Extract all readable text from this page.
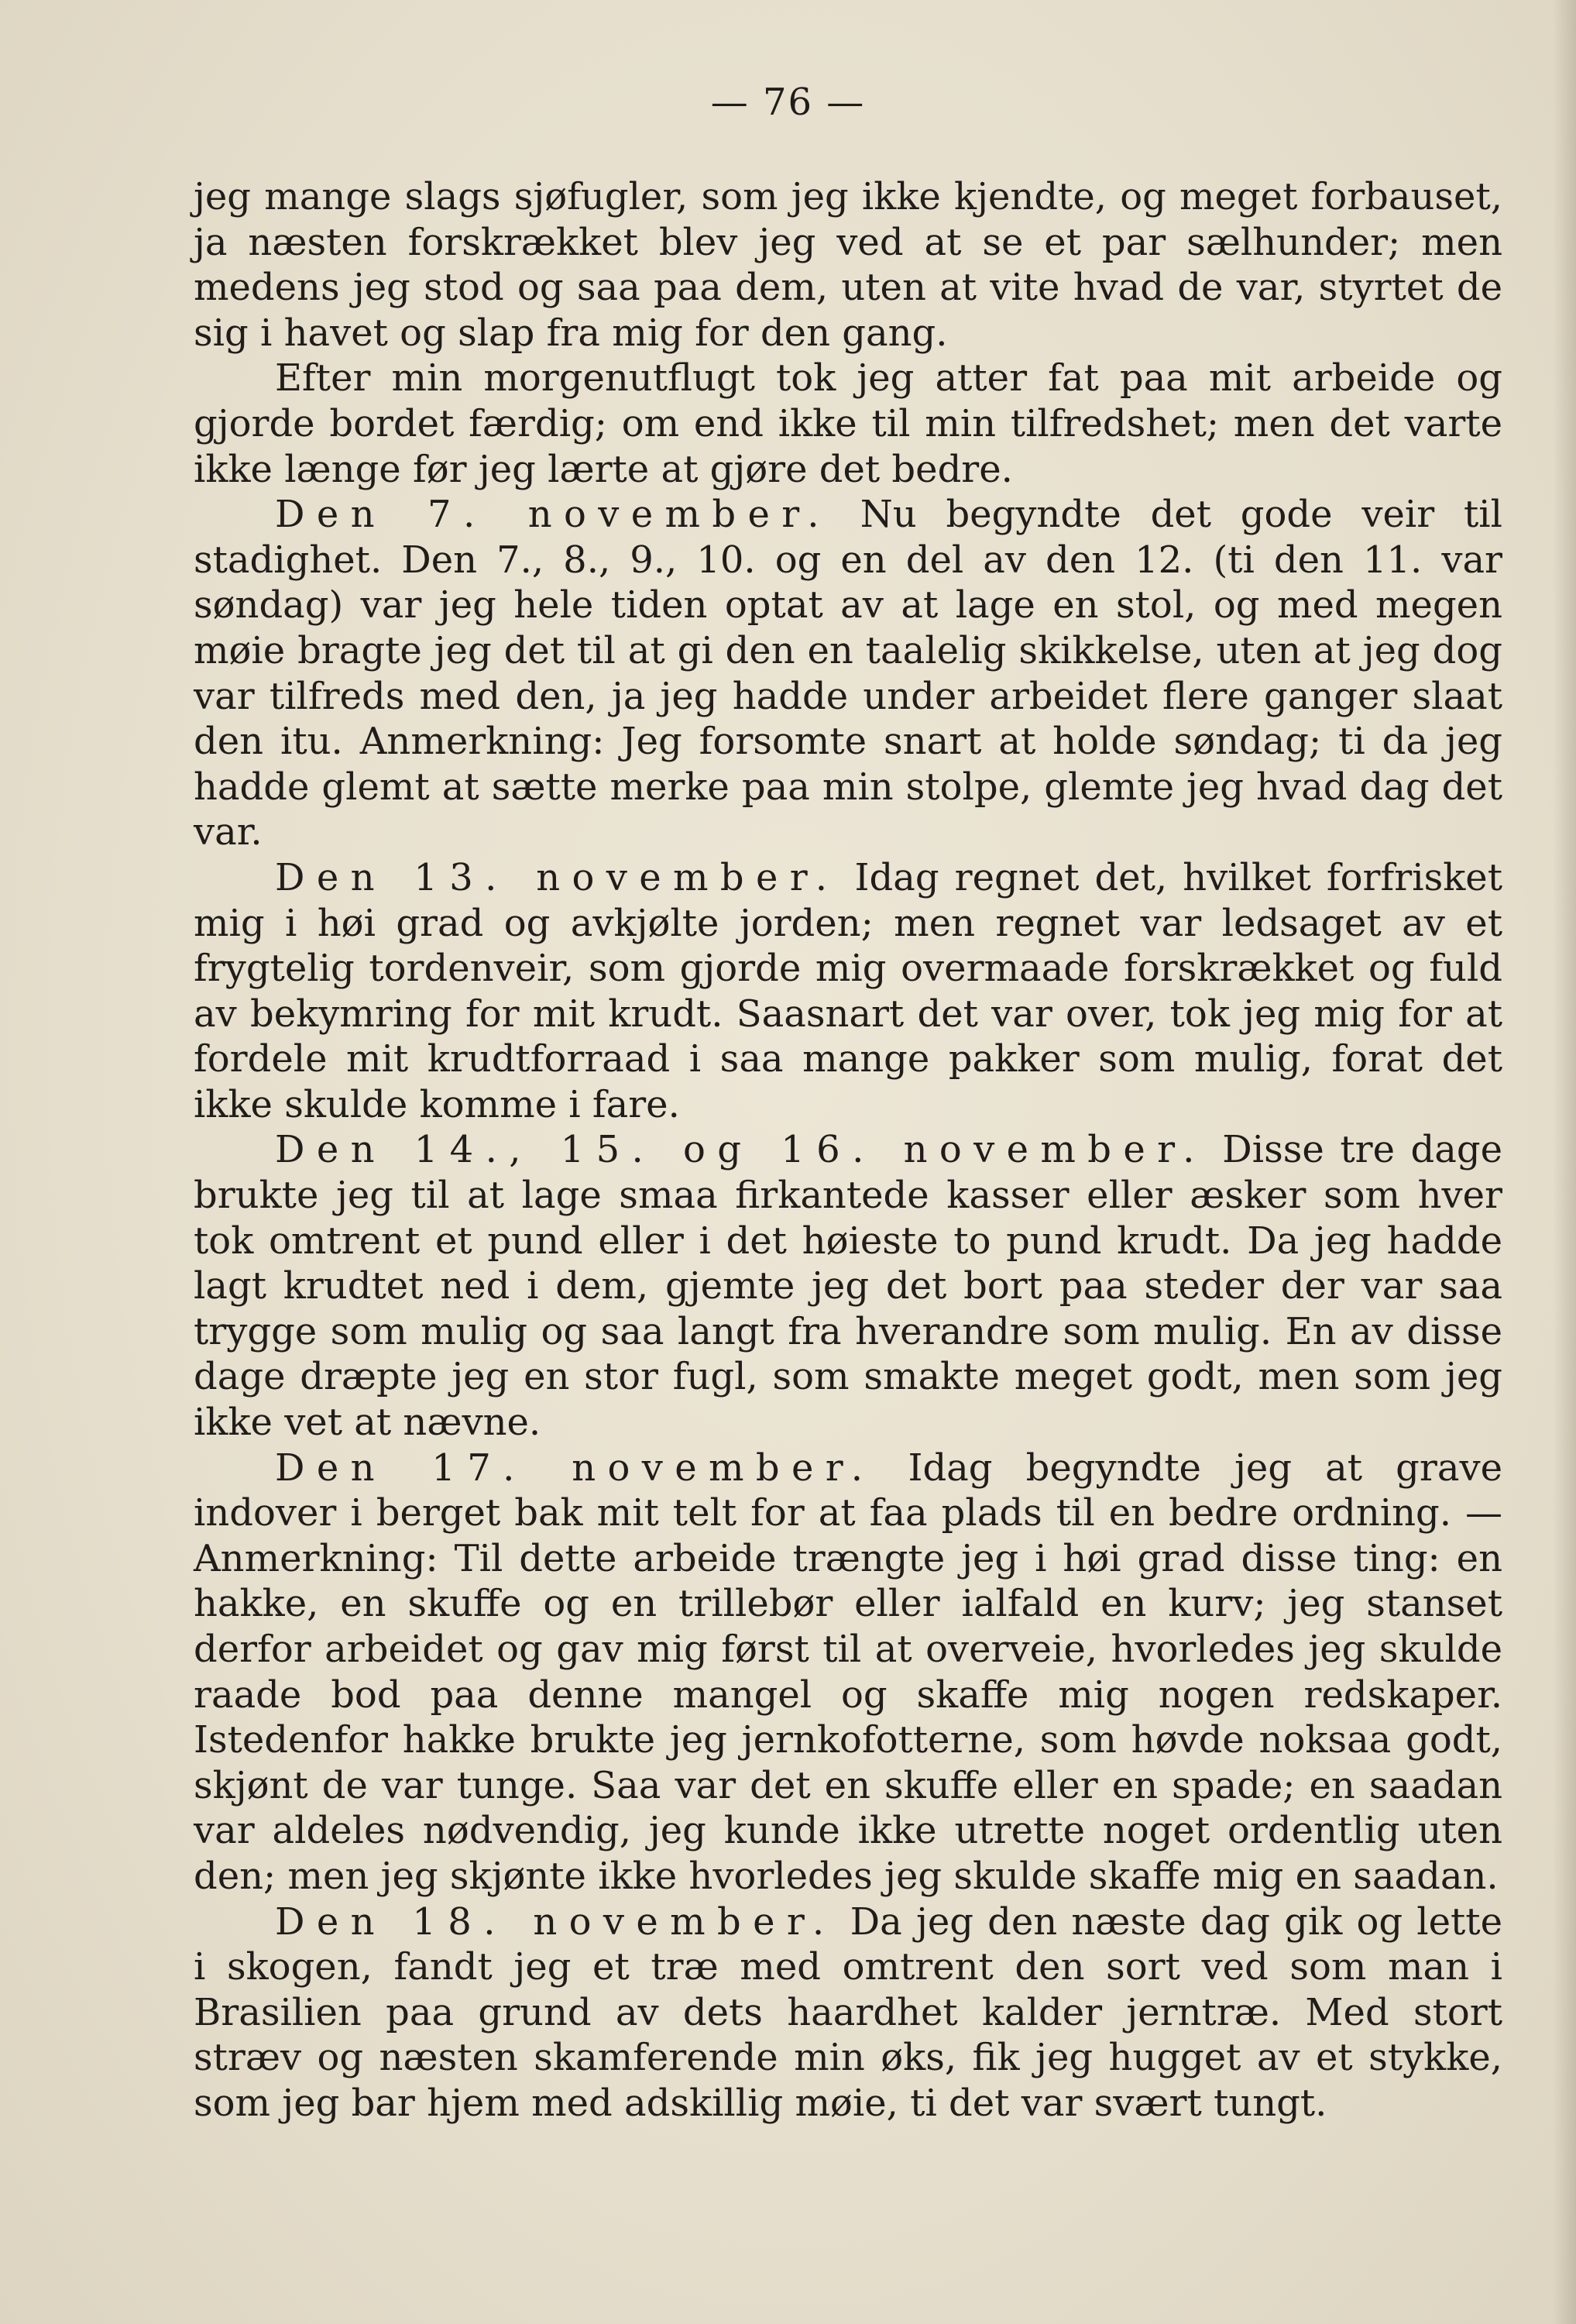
— 76 —

jeg mange slags sjøfugler, som jeg ikke kjendte, og meget forbauset, ja næsten forskrækket blev jeg ved at se et par sælhunder; men medens jeg stod og saa paa dem, uten at vite hvad de var, styrtet de sig i havet og slap fra mig for den gang.

Efter min morgenutflugt tok jeg atter fat paa mit arbeide og gjorde bordet færdig; om end ikke til min tilfredshet; men det varte ikke længe før jeg lærte at gjøre det bedre.

Den 7. november. Nu begyndte det gode veir til stadighet. Den 7., 8., 9., 10. og en del av den 12. (ti den 11. var søndag) var jeg hele tiden optat av at lage en stol, og med megen møie bragte jeg det til at gi den en taalelig skikkelse, uten at jeg dog var tilfreds med den, ja jeg hadde under arbeidet flere ganger slaat den itu. Anmerkning: Jeg forsomte snart at holde søndag; ti da jeg hadde glemt at sætte merke paa min stolpe, glemte jeg hvad dag det var.

Den 13. november. Idag regnet det, hvilket forfrisket mig i høi grad og avkjølte jorden; men regnet var ledsaget av et frygtelig tordenveir, som gjorde mig overmaade forskrækket og fuld av bekymring for mit krudt. Saasnart det var over, tok jeg mig for at fordele mit krudtforraad i saa mange pakker som mulig, forat det ikke skulde komme i fare.

Den 14., 15. og 16. november. Disse tre dage brukte jeg til at lage smaa firkantede kasser eller æsker som hver tok omtrent et pund eller i det høieste to pund krudt. Da jeg hadde lagt krudtet ned i dem, gjemte jeg det bort paa steder der var saa trygge som mulig og saa langt fra hverandre som mulig. En av disse dage dræpte jeg en stor fugl, som smakte meget godt, men som jeg ikke vet at nævne.

Den 17. november. Idag begyndte jeg at grave indover i berget bak mit telt for at faa plads til en bedre ordning. — Anmerkning: Til dette arbeide trængte jeg i høi grad disse ting: en hakke, en skuffe og en trillebør eller ialfald en kurv; jeg stanset derfor arbeidet og gav mig først til at overveie, hvorledes jeg skulde raade bod paa denne mangel og skaffe mig nogen redskaper. Istedenfor hakke brukte jeg jernkofotterne, som høvde noksaa godt, skjønt de var tunge. Saa var det en skuffe eller en spade; en saadan var aldeles nødvendig, jeg kunde ikke utrette noget ordentlig uten den; men jeg skjønte ikke hvorledes jeg skulde skaffe mig en saadan.

Den 18. november. Da jeg den næste dag gik og lette i skogen, fandt jeg et træ med omtrent den sort ved som man i Brasilien paa grund av dets haardhet kalder jerntræ. Med stort stræv og næsten skamferende min øks, fik jeg hugget av et stykke, som jeg bar hjem med adskillig møie, ti det var svært tungt.
